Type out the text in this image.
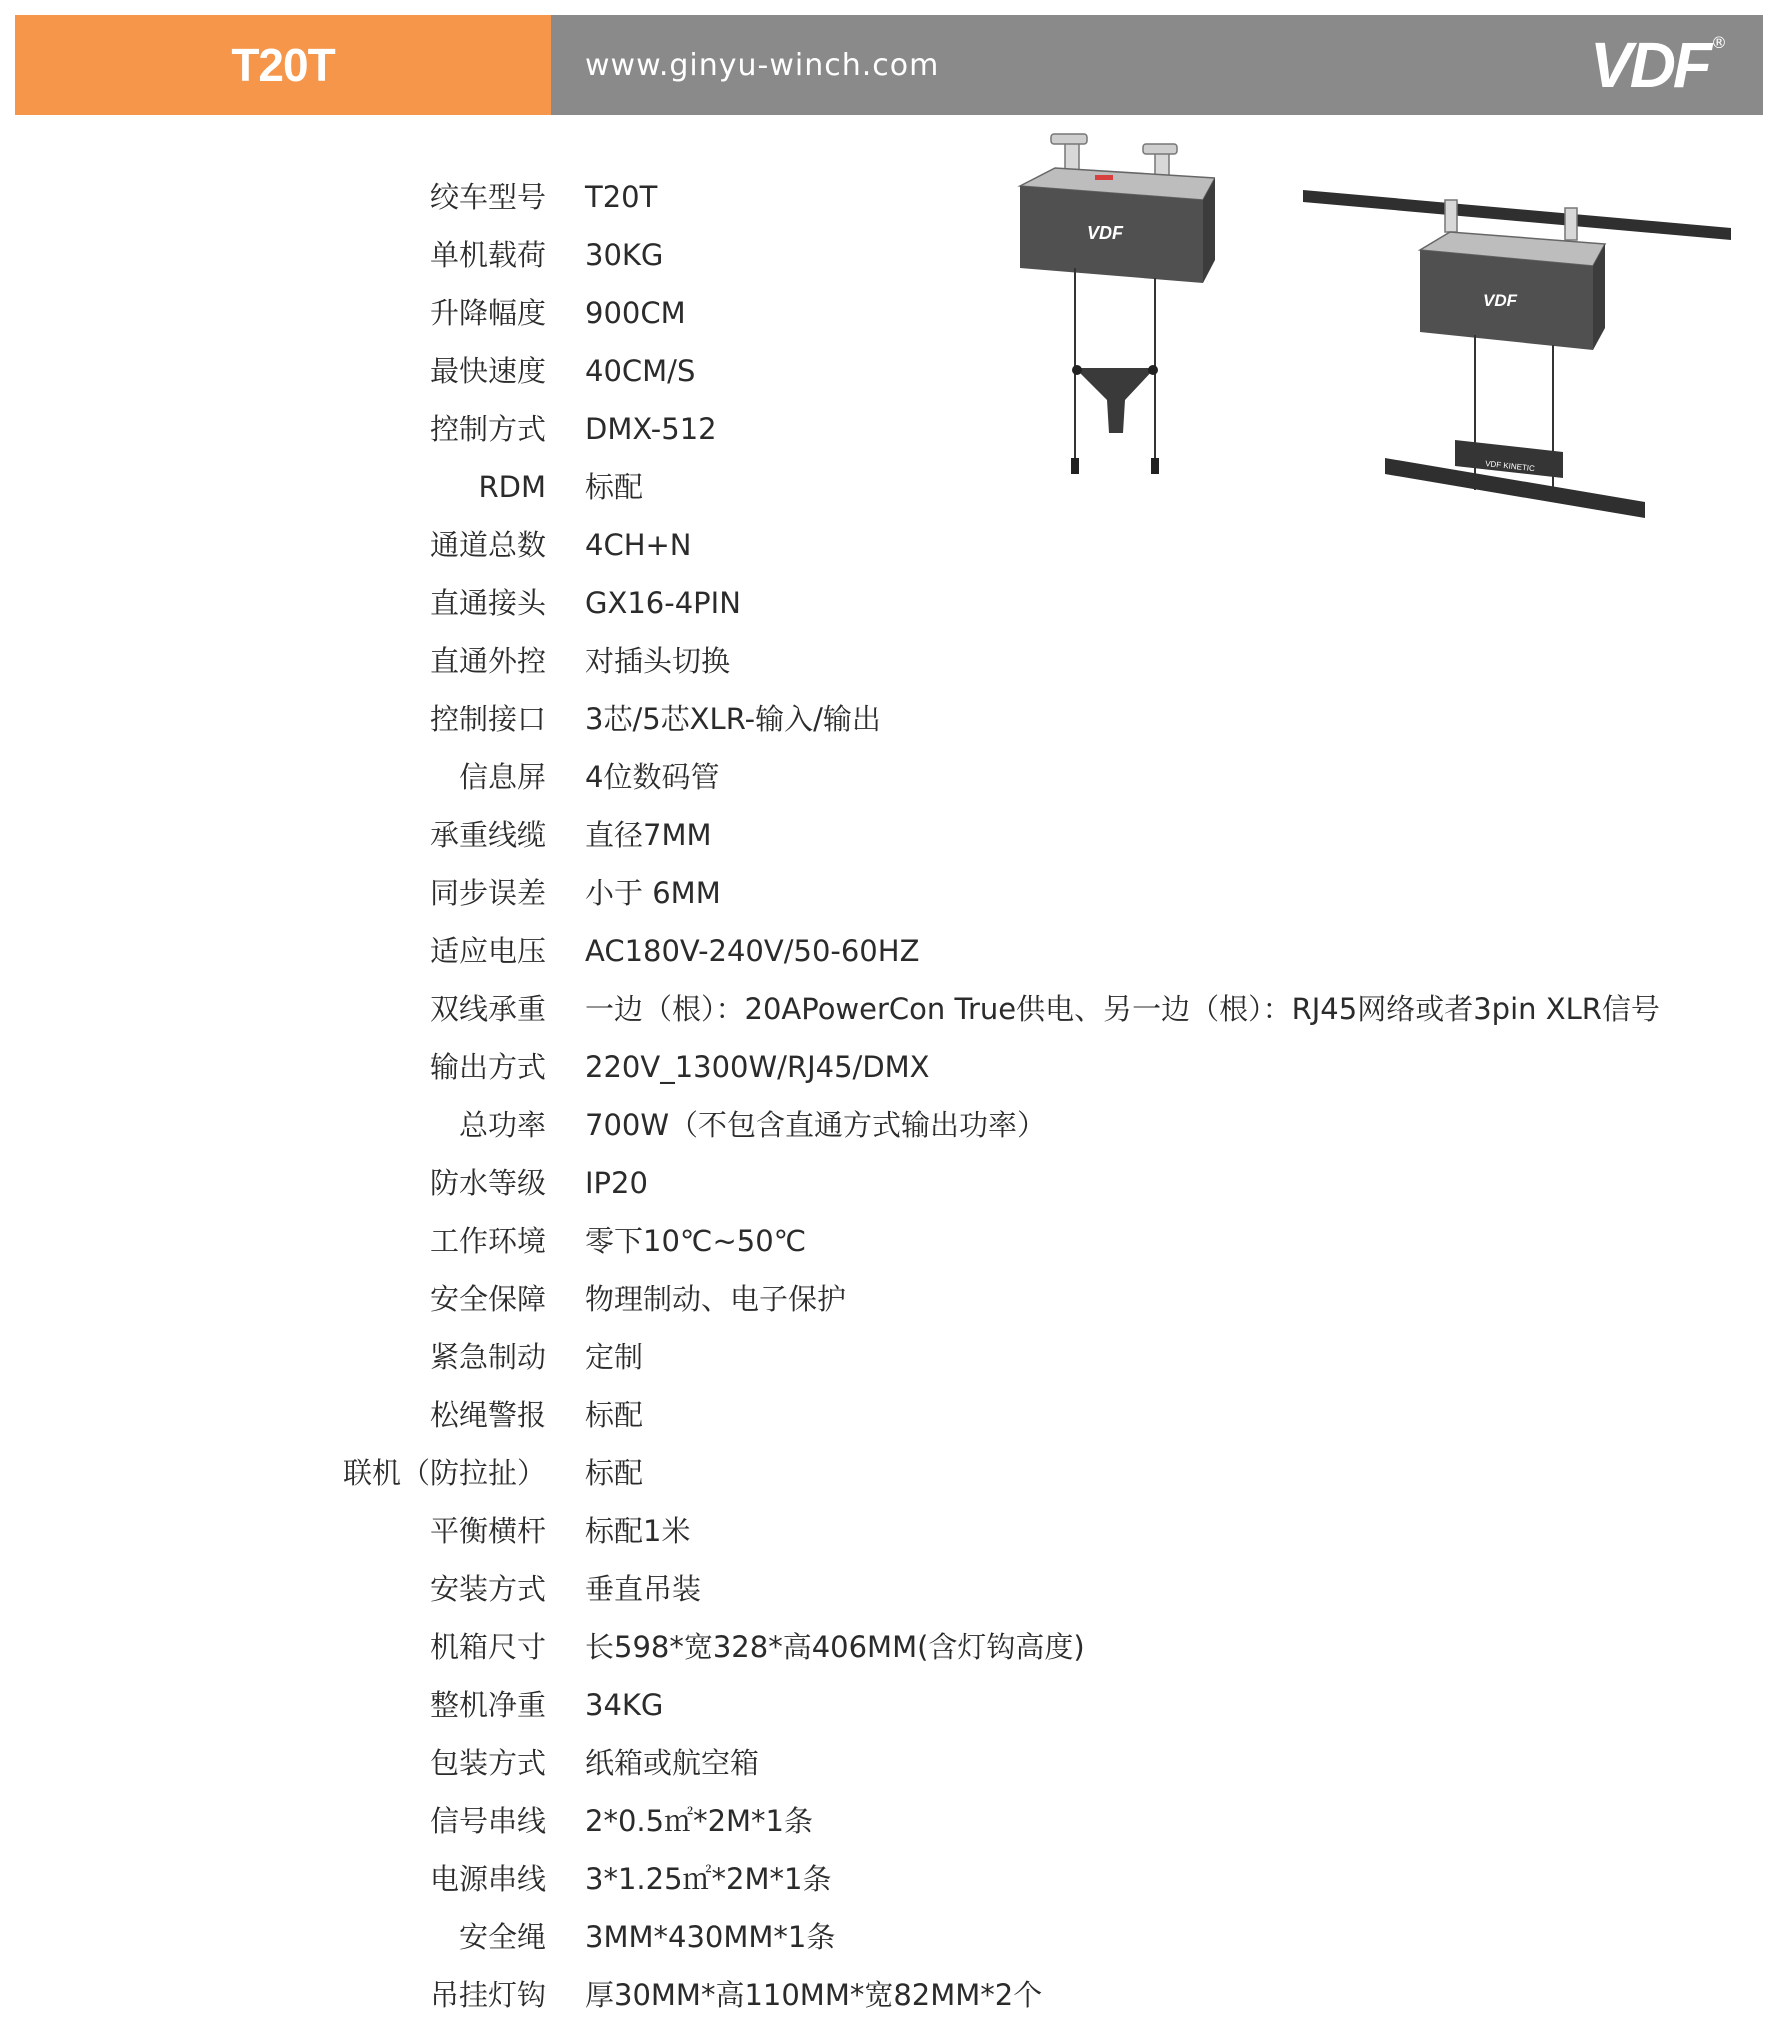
T20T	www.ginyu-winch.com	VDF ®
VDF
VDF
VDF KINETIC
绞车型号 T20T
单机载荷 30KG
升降幅度 900CM
最快速度 40CM/S
控制方式 DMX-512
RDM 标配
通道总数 4CH+N
直通接头 GX16-4PIN
直通外控 对插头切换
控制接口 3芯/5芯XLR-输入/输出
信息屏 4位数码管
承重线缆 直径7MM
同步误差 小于 6MM
适应电压 AC180V-240V/50-60HZ
双线承重 一边（根）：20APowerCon True供电、另一边（根）：RJ45网络或者3pin XLR信号
输出方式 220V_1300W/RJ45/DMX
总功率 700W（不包含直通方式输出功率）
防水等级 IP20
工作环境 零下10℃~50℃
安全保障 物理制动、电子保护
紧急制动 定制
松绳警报 标配
联机（防拉扯） 标配
平衡横杆 标配1米
安装方式 垂直吊装
机箱尺寸 长598*宽328*高406MM(含灯钩高度)
整机净重 34KG
包装方式 纸箱或航空箱
信号串线 2*0.5㎡*2M*1条
电源串线 3*1.25㎡*2M*1条
安全绳 3MM*430MM*1条
吊挂灯钩 厚30MM*高110MM*宽82MM*2个
